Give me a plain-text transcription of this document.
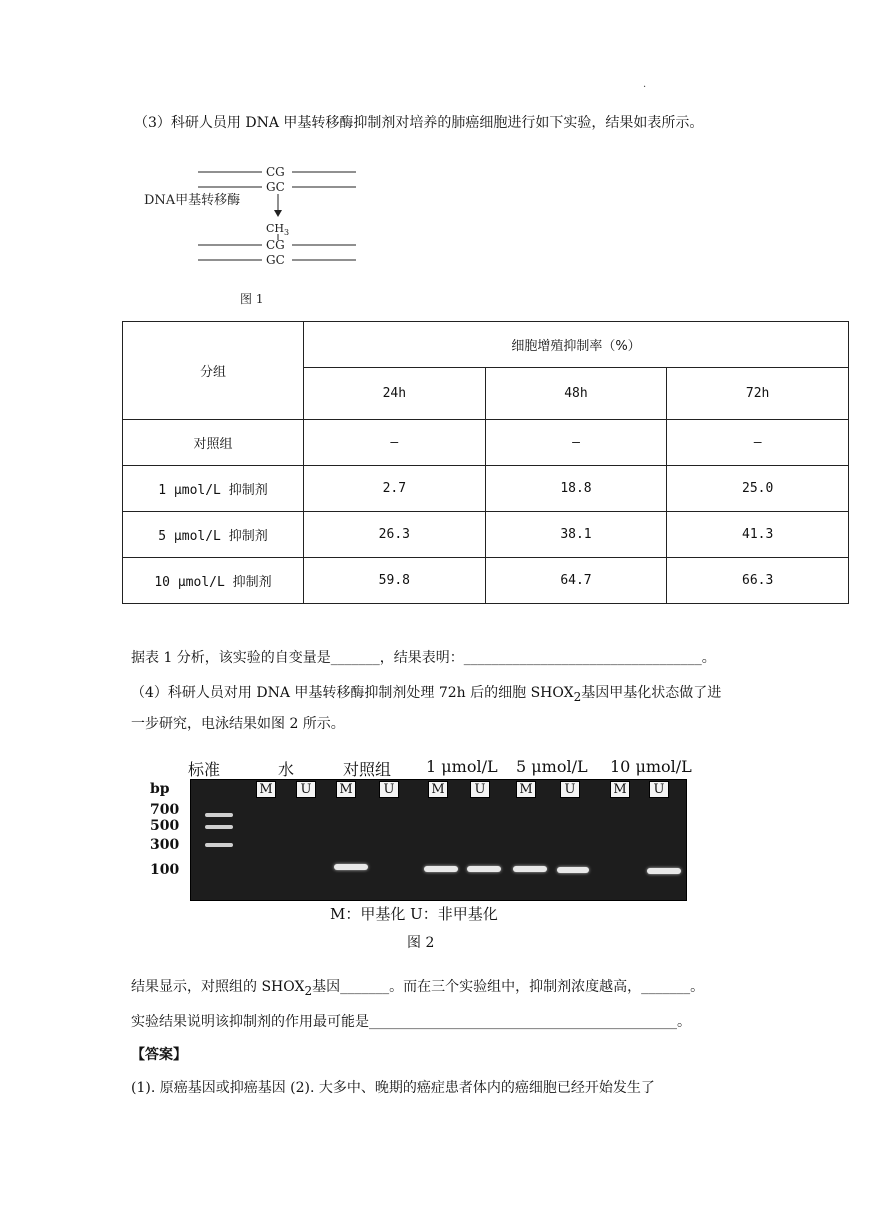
·
（3）科研人员用 DNA 甲基转移酶抑制剂对培养的肺癌细胞进行如下实验，结果如表所示。
CG
GC
DNA甲基转移酶
$CH_3$
CG
GC
图 1
分组	细胞增殖抑制率（%）		
	24h	48h	72h
对照组	—	—	—
1 μmol/L 抑制剂	2.7	18.8	25.0
5 μmol/L 抑制剂	26.3	38.1	41.3
10 μmol/L 抑制剂	59.8	64.7	66.3
据表 1 分析，该实验的自变量是_______，结果表明：__________________________________。
（4）科研人员对用 DNA 甲基转移酶抑制剂处理 72h 后的细胞 $SHOX_2$基因甲基化状态做了进
一步研究，电泳结果如图 2 所示。
标准	水	对照组 1 μmol/L 5 μmol/L 10 μmol/L
bp
700
500
300
100
M	U	M	U	M	U	M	U	M	U
M：甲基化 U：非甲基化
图 2
结果显示，对照组的 $SHOX_2$基因_______。而在三个实验组中，抑制剂浓度越高，_______。
实验结果说明该抑制剂的作用最可能是____________________________________________。
【答案】
(1). 原癌基因或抑癌基因 (2). 大多中、晚期的癌症患者体内的癌细胞已经开始发生了
